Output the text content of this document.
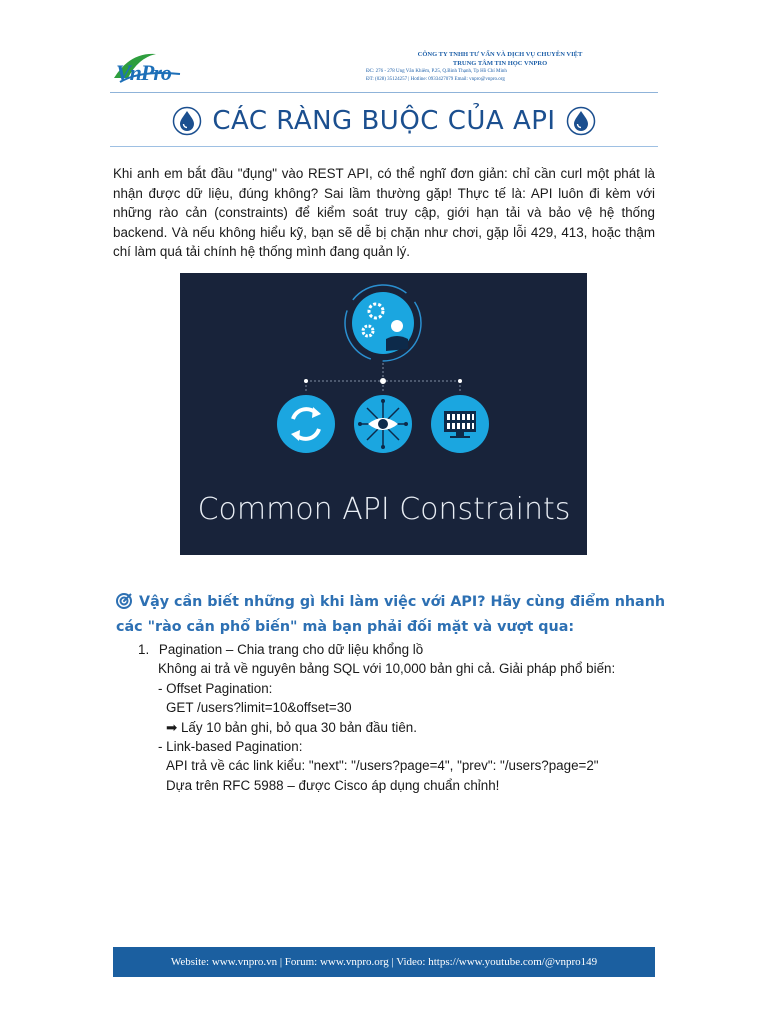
VnPro
CÔNG TY TNHH TƯ VẤN VÀ DỊCH VỤ CHUYÊN VIỆT
TRUNG TÂM TIN HỌC VNPRO
ĐC: 276 - 278 Ung Văn Khiêm, P.25, Q.Bình Thạnh, Tp Hồ Chí Minh
ĐT: (028) 35124257 | Hotline: 0933427079 Email: vnpro@vnpro.org
CÁC RÀNG BUỘC CỦA API
Khi anh em bắt đầu "đụng" vào REST API, có thể nghĩ đơn giản: chỉ cần curl một phát là nhận được dữ liệu, đúng không? Sai lầm thường gặp! Thực tế là: API luôn đi kèm với những rào cản (constraints) để kiểm soát truy cập, giới hạn tải và bảo vệ hệ thống backend. Và nếu không hiểu kỹ, bạn sẽ dễ bị chặn như chơi, gặp lỗi 429, 413, hoặc thậm chí làm quá tải chính hệ thống mình đang quản lý.
Common API Constraints
Vậy cần biết những gì khi làm việc với API? Hãy cùng điểm nhanh các "rào cản phổ biến" mà bạn phải đối mặt và vượt qua:
1. Pagination – Chia trang cho dữ liệu khổng lồ
Không ai trả về nguyên bảng SQL với 10,000 bản ghi cả. Giải pháp phổ biến:
- Offset Pagination:
GET /users?limit=10&offset=30
➡ Lấy 10 bản ghi, bỏ qua 30 bản đầu tiên.
- Link-based Pagination:
API trả về các link kiểu: "next": "/users?page=4", "prev": "/users?page=2"
Dựa trên RFC 5988 – được Cisco áp dụng chuẩn chỉnh!
Website: www.vnpro.vn | Forum: www.vnpro.org | Video: https://www.youtube.com/@vnpro149
